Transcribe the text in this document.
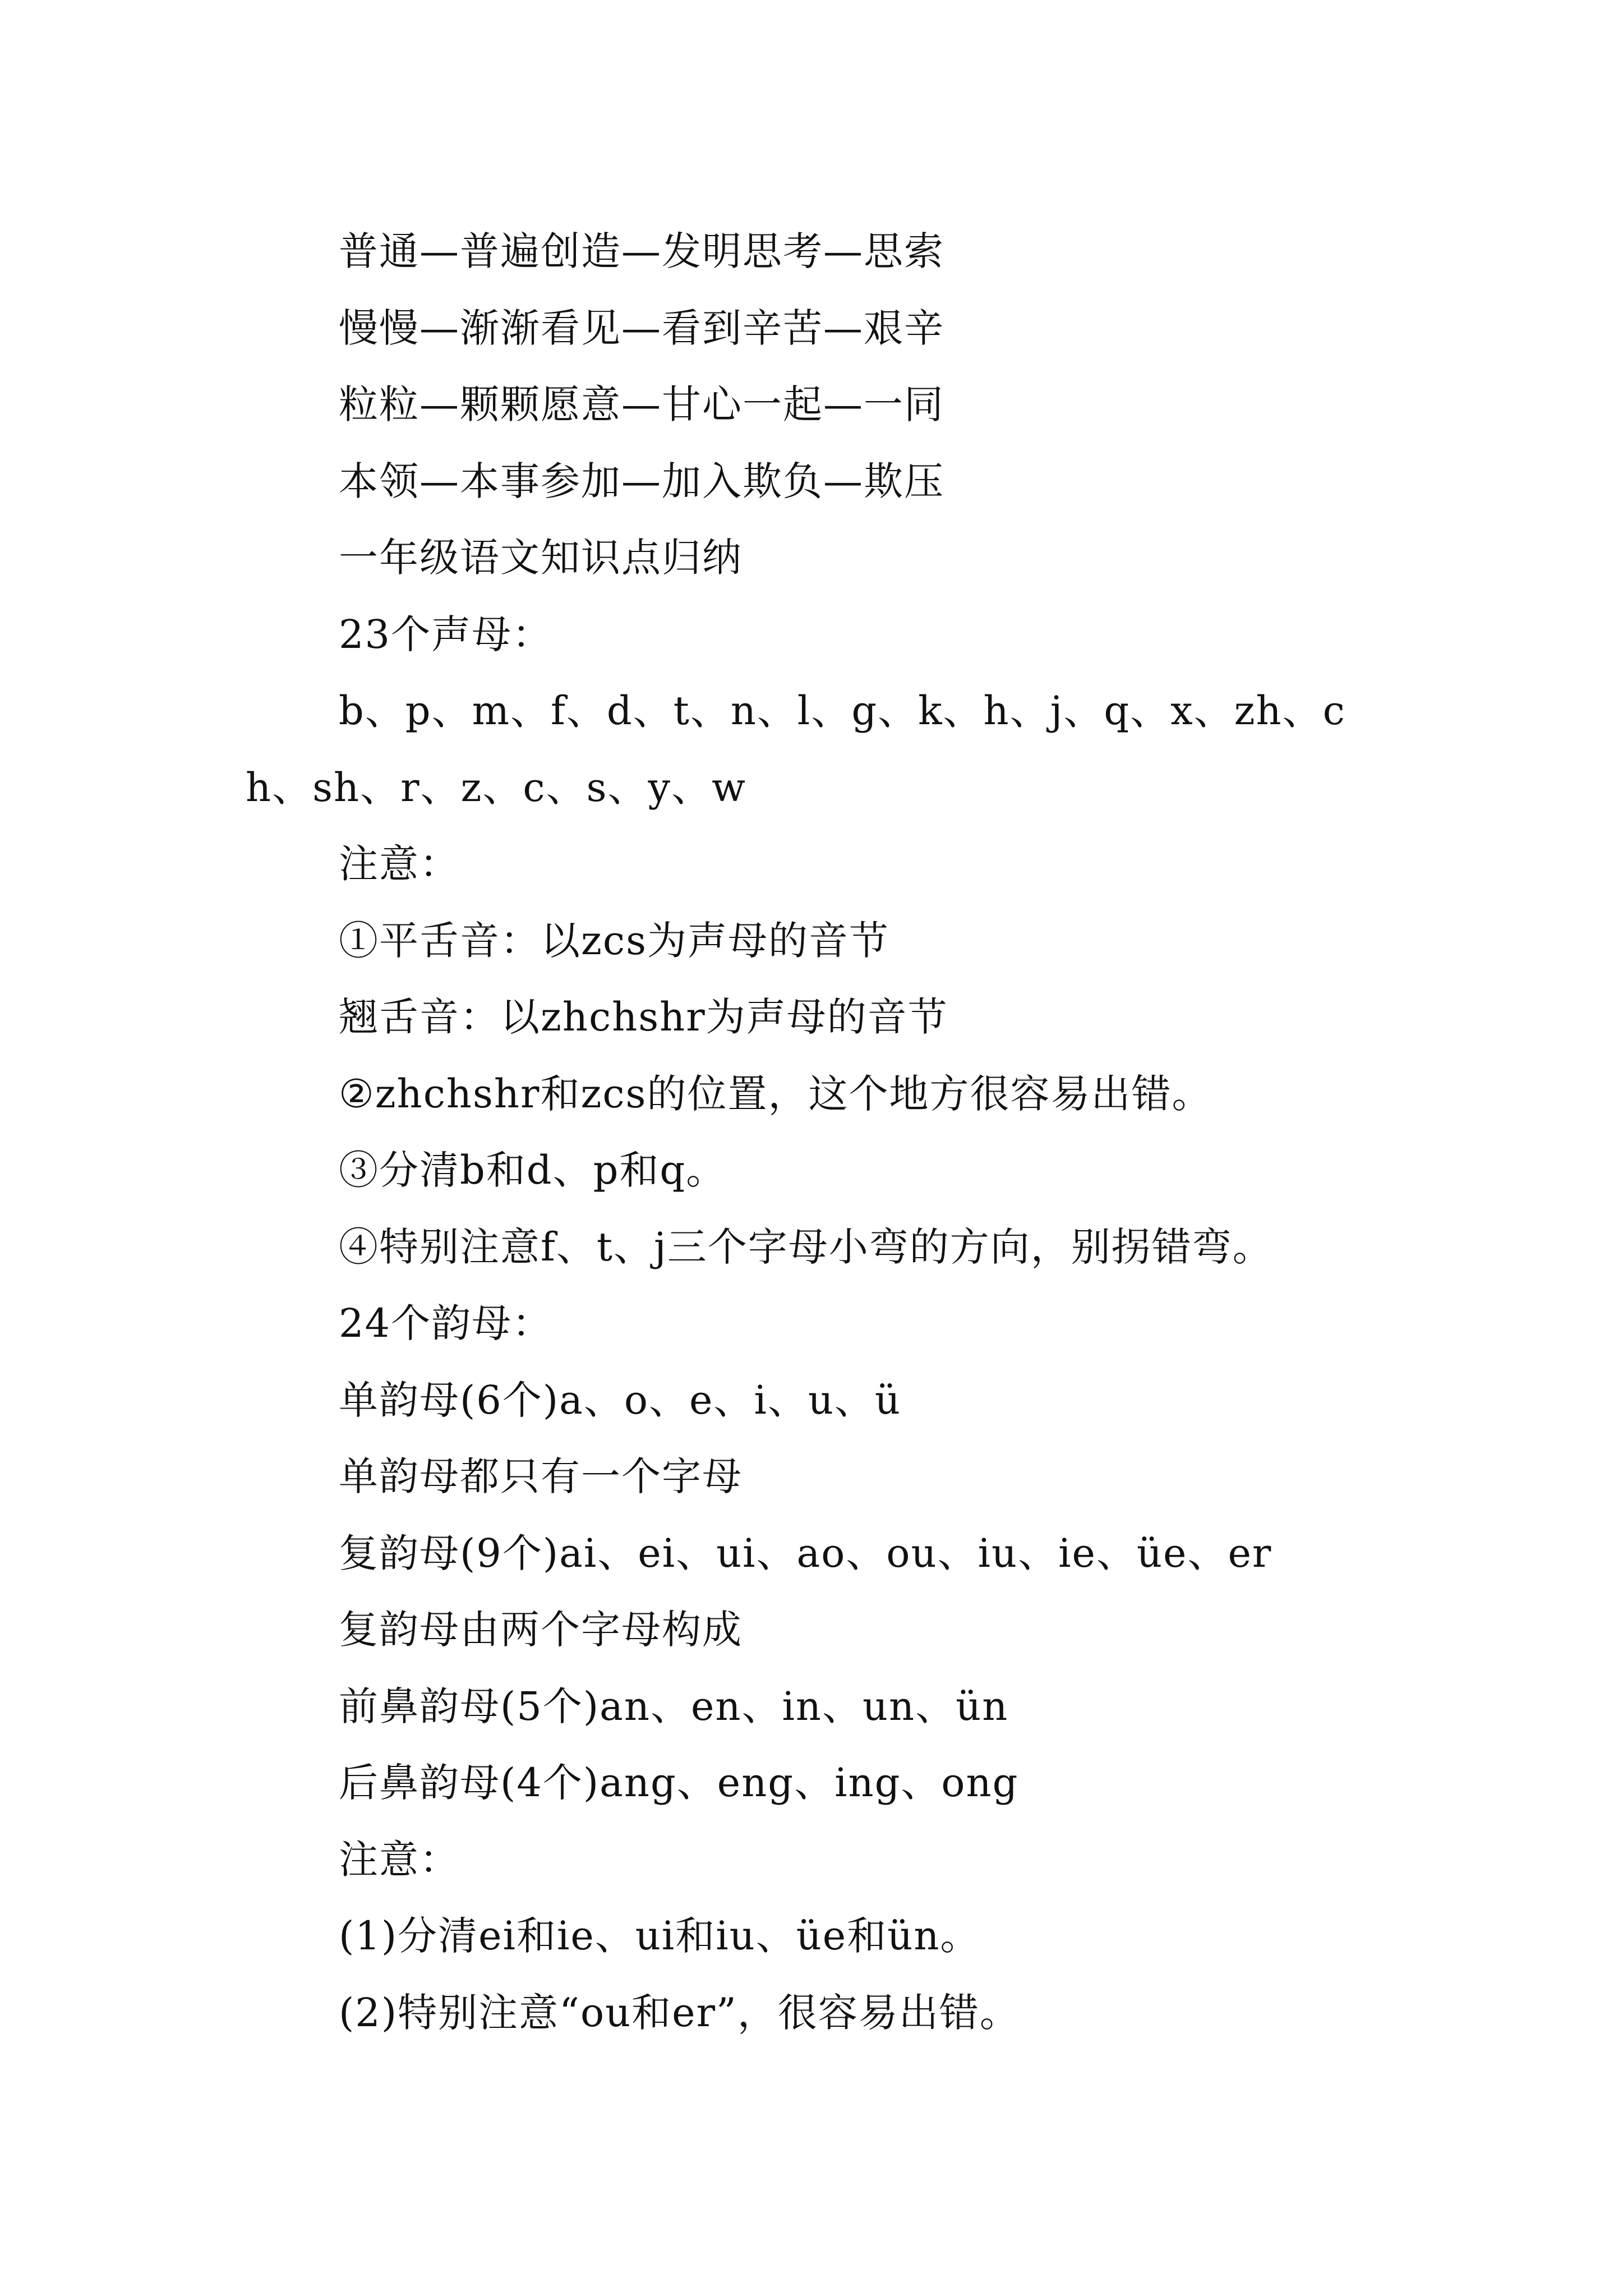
普通—普遍创造—发明思考—思索

慢慢—渐渐看见—看到辛苦—艰辛

粒粒—颗颗愿意—甘心一起—一同

本领—本事参加—加入欺负—欺压

一年级语文知识点归纳

23个声母：

b、p、m、f、d、t、n、l、g、k、h、j、q、x、zh、ch、sh、r、z、c、s、y、w

注意：

①平舌音：以zcs为声母的音节

翘舌音：以zhchshr为声母的音节

②zhchshr和zcs的位置，这个地方很容易出错。

③分清b和d、p和q。

④特别注意f、t、j三个字母小弯的方向，别拐错弯。

24个韵母：

单韵母(6个)a、o、e、i、u、ü

单韵母都只有一个字母

复韵母(9个)ai、ei、ui、ao、ou、iu、ie、üe、er

复韵母由两个字母构成

前鼻韵母(5个)an、en、in、un、ün

后鼻韵母(4个)ang、eng、ing、ong

注意：

(1)分清ei和ie、ui和iu、üe和ün。

(2)特别注意“ou和er”，很容易出错。
